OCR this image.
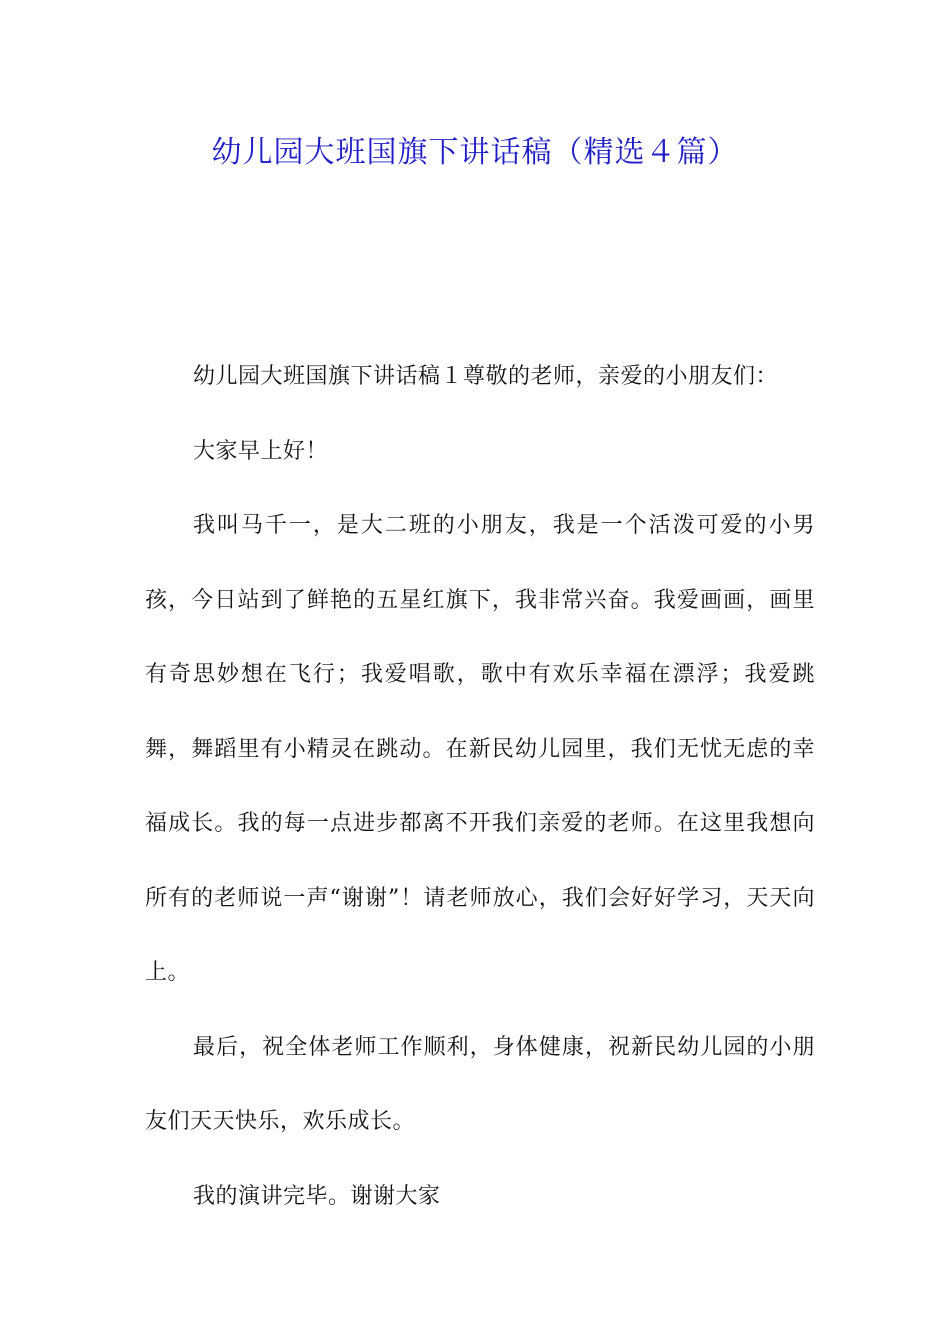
幼儿园大班国旗下讲话稿（精选４篇）

幼儿园大班国旗下讲话稿１尊敬的老师，亲爱的小朋友们：

大家早上好！

我叫马千一，是大二班的小朋友，我是一个活泼可爱的小男孩，今日站到了鲜艳的五星红旗下，我非常兴奋。我爱画画，画里有奇思妙想在飞行；我爱唱歌，歌中有欢乐幸福在漂浮；我爱跳舞，舞蹈里有小精灵在跳动。在新民幼儿园里，我们无忧无虑的幸福成长。我的每一点进步都离不开我们亲爱的老师。在这里我想向所有的老师说一声“谢谢”！请老师放心，我们会好好学习，天天向上。

最后，祝全体老师工作顺利，身体健康，祝新民幼儿园的小朋友们天天快乐，欢乐成长。

我的演讲完毕。谢谢大家
